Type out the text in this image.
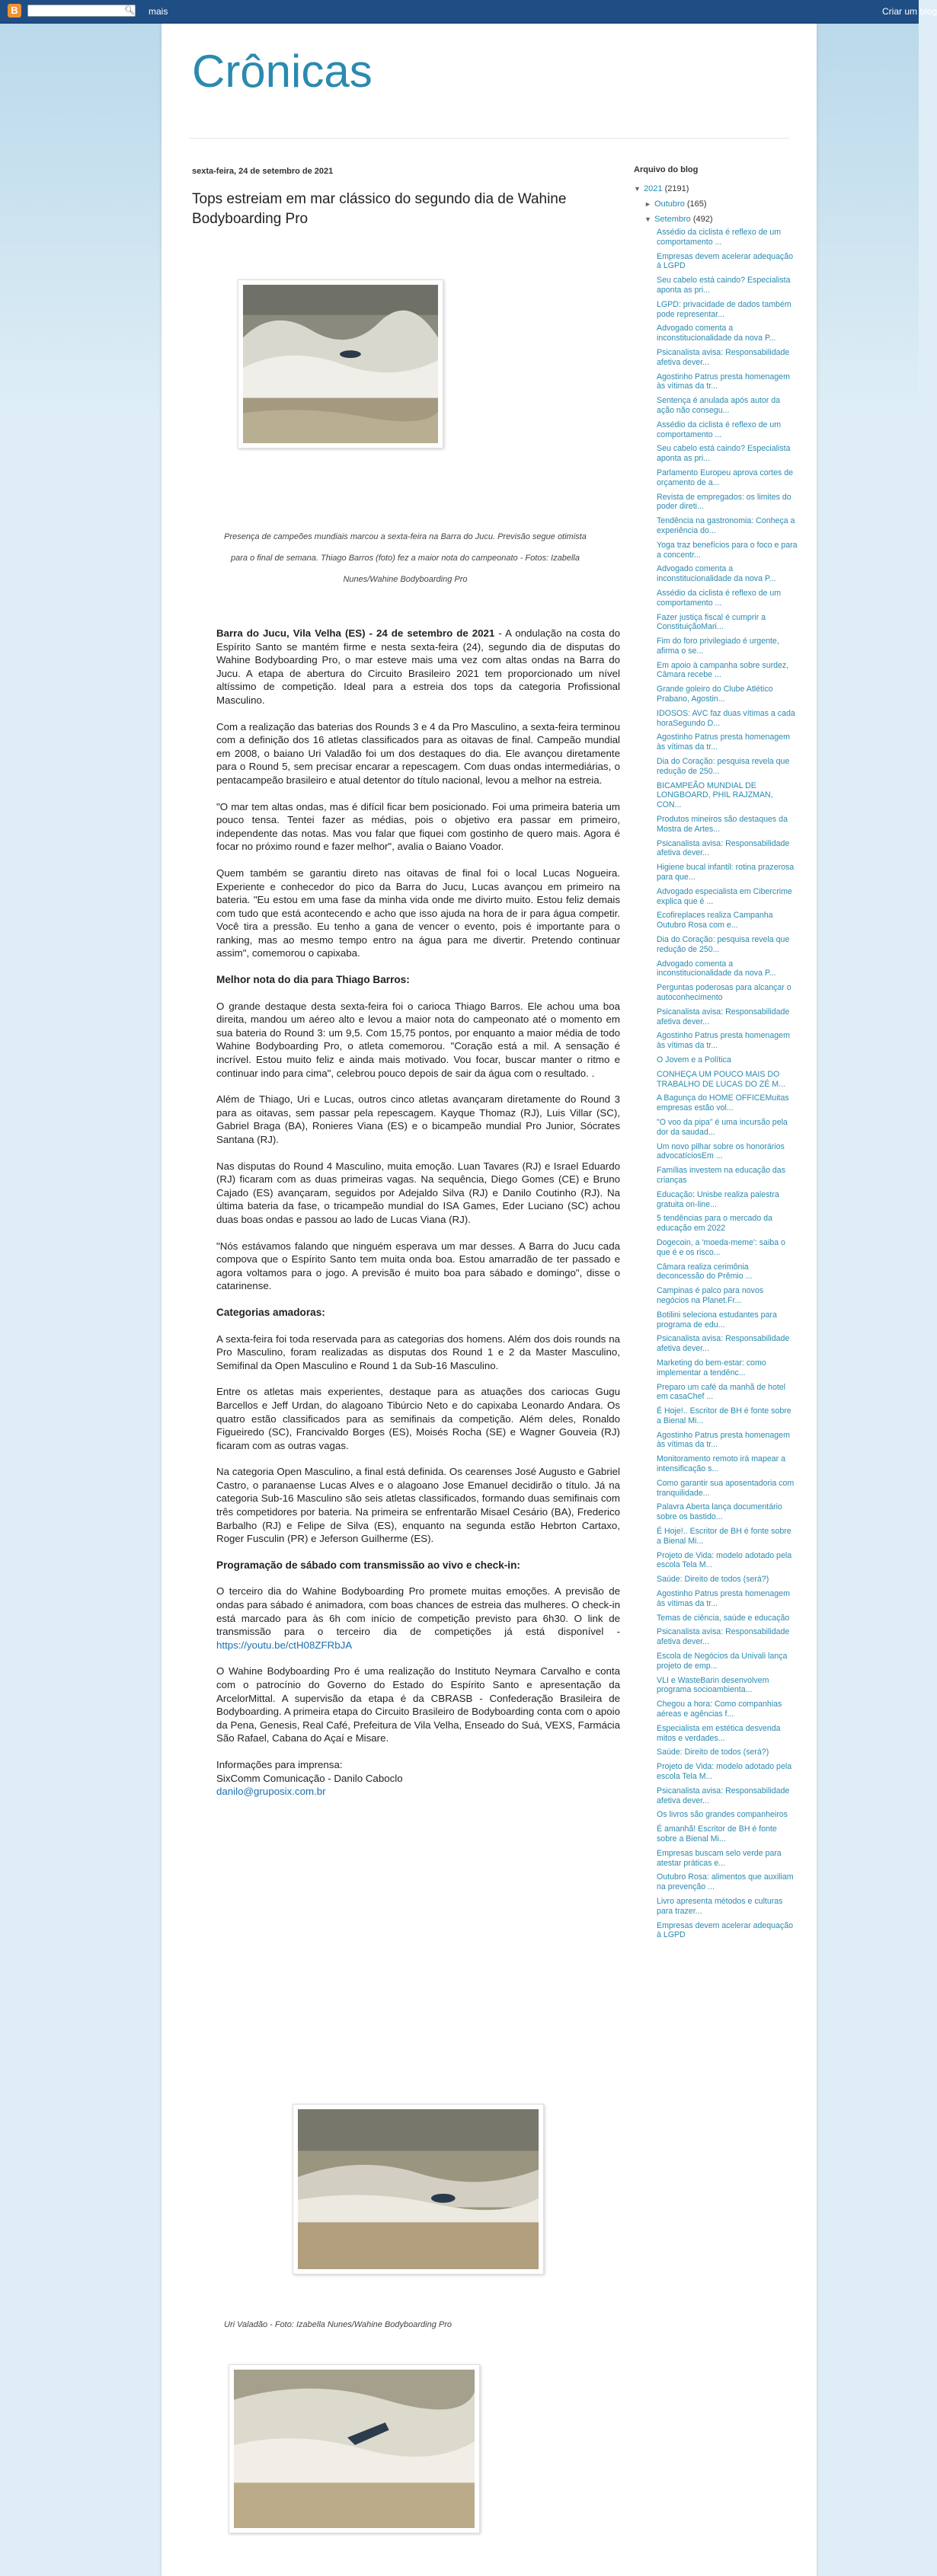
B	🔍︎ mais	Criar um blog
Crônicas
sexta-feira, 24 de setembro de 2021
Tops estreiam em mar clássico do segundo dia de Wahine Bodyboarding Pro
Presença de campeões mundiais marcou a sexta-feira na Barra do Jucu. Previsão segue otimista
para o final de semana. Thiago Barros (foto) fez a maior nota do campeonato - Fotos: Izabella
Nunes/Wahine Bodyboarding Pro

Barra do Jucu, Vila Velha (ES) - 24 de setembro de 2021 - A ondulação na costa do Espírito Santo se mantém firme e nesta sexta-feira (24), segundo dia de disputas do Wahine Bodyboarding Pro, o mar esteve mais uma vez com altas ondas na Barra do Jucu. A etapa de abertura do Circuito Brasileiro 2021 tem proporcionado um nível altíssimo de competição. Ideal para a estreia dos tops da categoria Profissional Masculino.

Com a realização das baterias dos Rounds 3 e 4 da Pro Masculino, a sexta-feira terminou com a definição dos 16 atletas classificados para as oitavas de final. Campeão mundial em 2008, o baiano Uri Valadão foi um dos destaques do dia. Ele avançou diretamente para o Round 5, sem precisar encarar a repescagem. Com duas ondas intermediárias, o pentacampeão brasileiro e atual detentor do título nacional, levou a melhor na estreia.

"O mar tem altas ondas, mas é difícil ficar bem posicionado. Foi uma primeira bateria um pouco tensa. Tentei fazer as médias, pois o objetivo era passar em primeiro, independente das notas. Mas vou falar que fiquei com gostinho de quero mais. Agora é focar no próximo round e fazer melhor", avalia o Baiano Voador.

Quem também se garantiu direto nas oitavas de final foi o local Lucas Nogueira. Experiente e conhecedor do pico da Barra do Jucu, Lucas avançou em primeiro na bateria. "Eu estou em uma fase da minha vida onde me divirto muito. Estou feliz demais com tudo que está acontecendo e acho que isso ajuda na hora de ir para água competir. Você tira a pressão. Eu tenho a gana de vencer o evento, pois é importante para o ranking, mas ao mesmo tempo entro na água para me divertir. Pretendo continuar assim", comemorou o capixaba.

Melhor nota do dia para Thiago Barros:

O grande destaque desta sexta-feira foi o carioca Thiago Barros. Ele achou uma boa direita, mandou um aéreo alto e levou a maior nota do campeonato até o momento em sua bateria do Round 3: um 9,5. Com 15,75 pontos, por enquanto a maior média de todo Wahine Bodyboarding Pro, o atleta comemorou. "Coração está a mil. A sensação é incrível. Estou muito feliz e ainda mais motivado. Vou focar, buscar manter o ritmo e continuar indo para cima", celebrou pouco depois de sair da água com o resultado. .

Além de Thiago, Uri e Lucas, outros cinco atletas avançaram diretamente do Round 3 para as oitavas, sem passar pela repescagem. Kayque Thomaz (RJ), Luis Villar (SC), Gabriel Braga (BA), Ronieres Viana (ES) e o bicampeão mundial Pro Junior, Sócrates Santana (RJ).

Nas disputas do Round 4 Masculino, muita emoção. Luan Tavares (RJ) e Israel Eduardo (RJ) ficaram com as duas primeiras vagas. Na sequência, Diego Gomes (CE) e Bruno Cajado (ES) avançaram, seguidos por Adejaldo Silva (RJ) e Danilo Coutinho (RJ). Na última bateria da fase, o tricampeão mundial do ISA Games, Eder Luciano (SC) achou duas boas ondas e passou ao lado de Lucas Viana (RJ).

"Nós estávamos falando que ninguém esperava um mar desses. A Barra do Jucu cada compova que o Espírito Santo tem muita onda boa. Estou amarradão de ter passado e agora voltamos para o jogo. A previsão é muito boa para sábado e domingo", disse o catarinense.

Categorias amadoras:

A sexta-feira foi toda reservada para as categorias dos homens. Além dos dois rounds na Pro Masculino, foram realizadas as disputas dos Round 1 e 2 da Master Masculino, Semifinal da Open Masculino e Round 1 da Sub-16 Masculino.

Entre os atletas mais experientes, destaque para as atuações dos cariocas Gugu Barcellos e Jeff Urdan, do alagoano Tibúrcio Neto e do capixaba Leonardo Andara. Os quatro estão classificados para as semifinais da competição. Além deles, Ronaldo Figueiredo (SC), Francivaldo Borges (ES), Moisés Rocha (SE) e Wagner Gouveia (RJ) ficaram com as outras vagas.

Na categoria Open Masculino, a final está definida. Os cearenses José Augusto e Gabriel Castro, o paranaense Lucas Alves e o alagoano Jose Emanuel decidirão o título. Já na categoria Sub-16 Masculino são seis atletas classificados, formando duas semifinais com três competidores por bateria. Na primeira se enfrentarão Misael Cesário (BA), Frederico Barbalho (RJ) e Felipe de Silva (ES), enquanto na segunda estão Hebrton Cartaxo, Roger Fusculin (PR) e Jeferson Guilherme (ES).

Programação de sábado com transmissão ao vivo e check-in:

O terceiro dia do Wahine Bodyboarding Pro promete muitas emoções. A previsão de ondas para sábado é animadora, com boas chances de estreia das mulheres. O check-in está marcado para às 6h com início de competição previsto para 6h30. O link de transmissão para o terceiro dia de competições já está disponível - https://youtu.be/ctH08ZFRbJA

O Wahine Bodyboarding Pro é uma realização do Instituto Neymara Carvalho e conta com o patrocínio do Governo do Estado do Espírito Santo e apresentação da ArcelorMittal. A supervisão da etapa é da CBRASB - Confederação Brasileira de Bodyboarding. A primeira etapa do Circuito Brasileiro de Bodyboarding conta com o apoio da Pena, Genesis, Real Café, Prefeitura de Vila Velha, Enseado do Suá, VEXS, Farmácia São Rafael, Cabana do Açaí e Misare.

Informações para imprensa:
SixComm Comunicação - Danilo Caboclo
danilo@gruposix.com.br

Uri Valadão - Foto: Izabella Nunes/Wahine Bodyboarding Pro
Arquivo do blog
▼ 2021 (2191)
► Outubro (165)
▼ Setembro (492)
Assédio da ciclista é reflexo de um comportamento ...
Empresas devem acelerar adequação à LGPD
Seu cabelo está caindo? Especialista aponta as pri...
LGPD: privacidade de dados também pode representar...
Advogado comenta a inconstitucionalidade da nova P...
Psicanalista avisa: Responsabilidade afetiva dever...
Agostinho Patrus presta homenagem às vítimas da tr...
Sentença é anulada após autor da ação não consegu...
Assédio da ciclista é reflexo de um comportamento ...
Seu cabelo está caindo? Especialista aponta as pri...
Parlamento Europeu aprova cortes de orçamento de a...
Revista de empregados: os limites do poder direti...
Tendência na gastronomia: Conheça a experiência do...
Yoga traz benefícios para o foco e para a concentr...
Advogado comenta a inconstitucionalidade da nova P...
Assédio da ciclista é reflexo de um comportamento ...
Fazer justiça fiscal é cumprir a ConstituiçãoMari...
Fim do foro privilegiado é urgente, afirma o se...
Em apoio à campanha sobre surdez, Câmara recebe ...
Grande goleiro do Clube Atlético Prabano, Agostin...
IDOSOS: AVC faz duas vítimas a cada horaSegundo D...
Agostinho Patrus presta homenagem às vítimas da tr...
Dia do Coração: pesquisa revela que redução de 250...
BICAMPEÃO MUNDIAL DE LONGBOARD, PHIL RAJZMAN, CON...
Produtos mineiros são destaques da Mostra de Artes...
Psicanalista avisa: Responsabilidade afetiva dever...
Higiene bucal infantil: rotina prazerosa para que...
Advogado especialista em Cibercrime explica que é ...
Ecofireplaces realiza Campanha Outubro Rosa com e...
Dia do Coração: pesquisa revela que redução de 250...
Advogado comenta a inconstitucionalidade da nova P...
Perguntas poderosas para alcançar o autoconhecimento
Psicanalista avisa: Responsabilidade afetiva dever...
Agostinho Patrus presta homenagem às vítimas da tr...
O Jovem e a Política
CONHEÇA UM POUCO MAIS DO TRABALHO DE LUCAS DO ZÉ M...
A Bagunça do HOME OFFICEMuitas empresas estão vol...
"O voo da pipa" é uma incursão pela dor da saudad...
Um novo pilhar sobre os honorários advocatíciosEm ...
Famílias investem na educação das crianças
Educação: Unisbe realiza palestra gratuita on-line...
5 tendências para o mercado da educação em 2022
Dogecoin, a 'moeda-meme': saiba o que é e os risco...
Câmara realiza cerimônia deconcessão do Prêmio ...
Campinas é palco para novos negócios na Planet.Fr...
Botilini seleciona estudantes para programa de edu...
Psicanalista avisa: Responsabilidade afetiva dever...
Marketing do bem-estar: como implementar a tendênc...
Preparo um café da manhã de hotel em casaChef ...
É Hoje!.. Escritor de BH é fonte sobre a Bienal Mi...
Agostinho Patrus presta homenagem às vítimas da tr...
Monitoramento remoto irá mapear a intensificação s...
Como garantir sua aposentadoria com tranquilidade...
Palavra Aberta lança documentário sobre os bastido...
É Hoje!.. Escritor de BH é fonte sobre a Bienal Mi...
Projeto de Vida: modelo adotado pela escola Tela M...
Saúde: Direito de todos (será?)
Agostinho Patrus presta homenagem às vítimas da tr...
Temas de ciência, saúde e educação
Psicanalista avisa: Responsabilidade afetiva dever...
Escola de Negócios da Univali lança projeto de emp...
VLI e WasteBarin desenvolvem programa socioambienta...
Chegou a hora: Como companhias aéreas e agências f...
Especialista em estética desvenda mitos e verdades...
Saúde: Direito de todos (será?)
Projeto de Vida: modelo adotado pela escola Tela M...
Psicanalista avisa: Responsabilidade afetiva dever...
Os livros são grandes companheiros
É amanhã! Escritor de BH é fonte sobre a Bienal Mi...
Empresas buscam selo verde para atestar práticas e...
Outubro Rosa: alimentos que auxiliam na prevenção ...
Livro apresenta métodos e culturas para trazer...
Empresas devem acelerar adequação à LGPD
